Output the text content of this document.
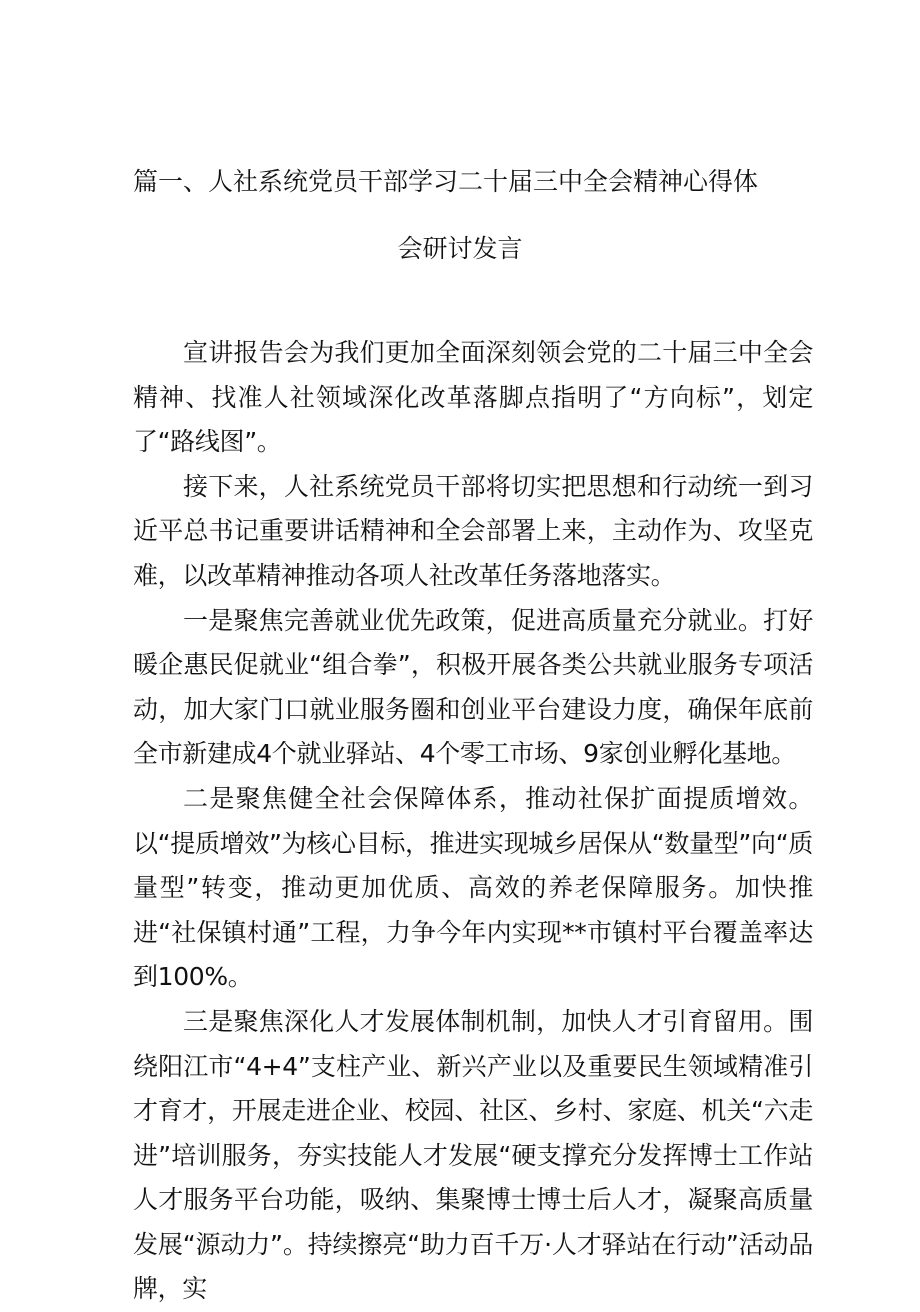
篇一、人社系统党员干部学习二十届三中全会精神心得体
会研讨发言

宣讲报告会为我们更加全面深刻领会党的二十届三中全会精神、找准人社领域深化改革落脚点指明了“方向标”，划定了“路线图”。

接下来，人社系统党员干部将切实把思想和行动统一到习近平总书记重要讲话精神和全会部署上来，主动作为、攻坚克难，以改革精神推动各项人社改革任务落地落实。

一是聚焦完善就业优先政策，促进高质量充分就业。打好暖企惠民促就业“组合拳”，积极开展各类公共就业服务专项活动，加大家门口就业服务圈和创业平台建设力度，确保年底前全市新建成4个就业驿站、4个零工市场、9家创业孵化基地。

二是聚焦健全社会保障体系，推动社保扩面提质增效。以“提质增效”为核心目标，推进实现城乡居保从“数量型”向“质量型”转变，推动更加优质、高效的养老保障服务。加快推进“社保镇村通”工程，力争今年内实现**市镇村平台覆盖率达到100%。

三是聚焦深化人才发展体制机制，加快人才引育留用。围绕阳江市“4+4”支柱产业、新兴产业以及重要民生领域精准引才育才，开展走进企业、校园、社区、乡村、家庭、机关“六走进”培训服务，夯实技能人才发展“硬支撑充分发挥博士工作站人才服务平台功能，吸纳、集聚博士博士后人才，凝聚高质量发展“源动力”。持续擦亮“助力百千万·人才驿站在行动”活动品牌，实
